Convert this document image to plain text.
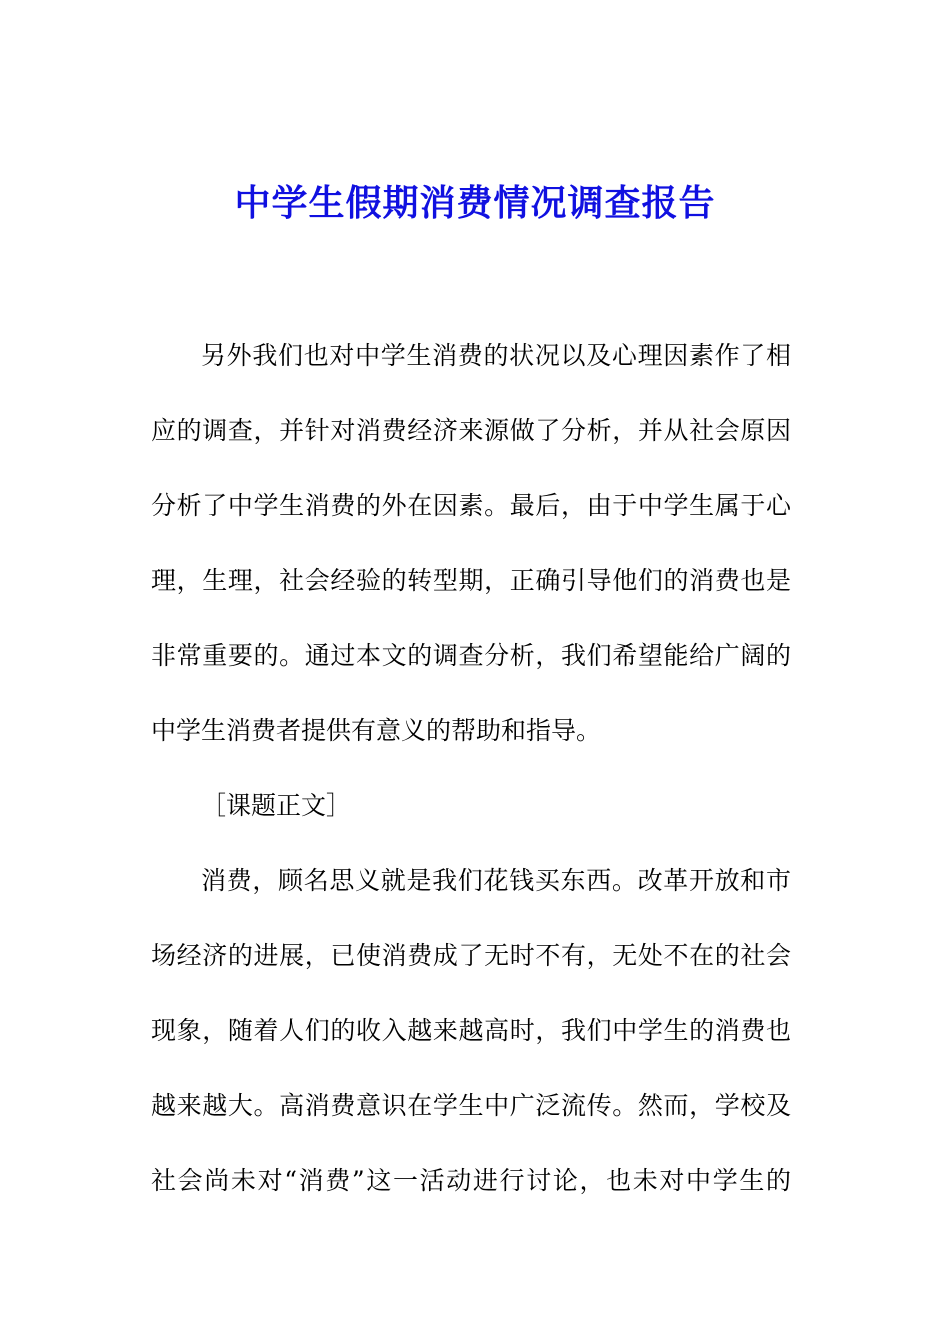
中学生假期消费情况调查报告
另外我们也对中学生消费的状况以及心理因素作了相
应的调查，并针对消费经济来源做了分析，并从社会原因
分析了中学生消费的外在因素。最后，由于中学生属于心
理，生理，社会经验的转型期，正确引导他们的消费也是
非常重要的。通过本文的调查分析，我们希望能给广阔的
中学生消费者提供有意义的帮助和指导。
［课题正文］
消费，顾名思义就是我们花钱买东西。改革开放和市
场经济的进展，已使消费成了无时不有，无处不在的社会
现象，随着人们的收入越来越高时，我们中学生的消费也
越来越大。高消费意识在学生中广泛流传。然而，学校及
社会尚未对“消费”这一活动进行讨论，也未对中学生的
